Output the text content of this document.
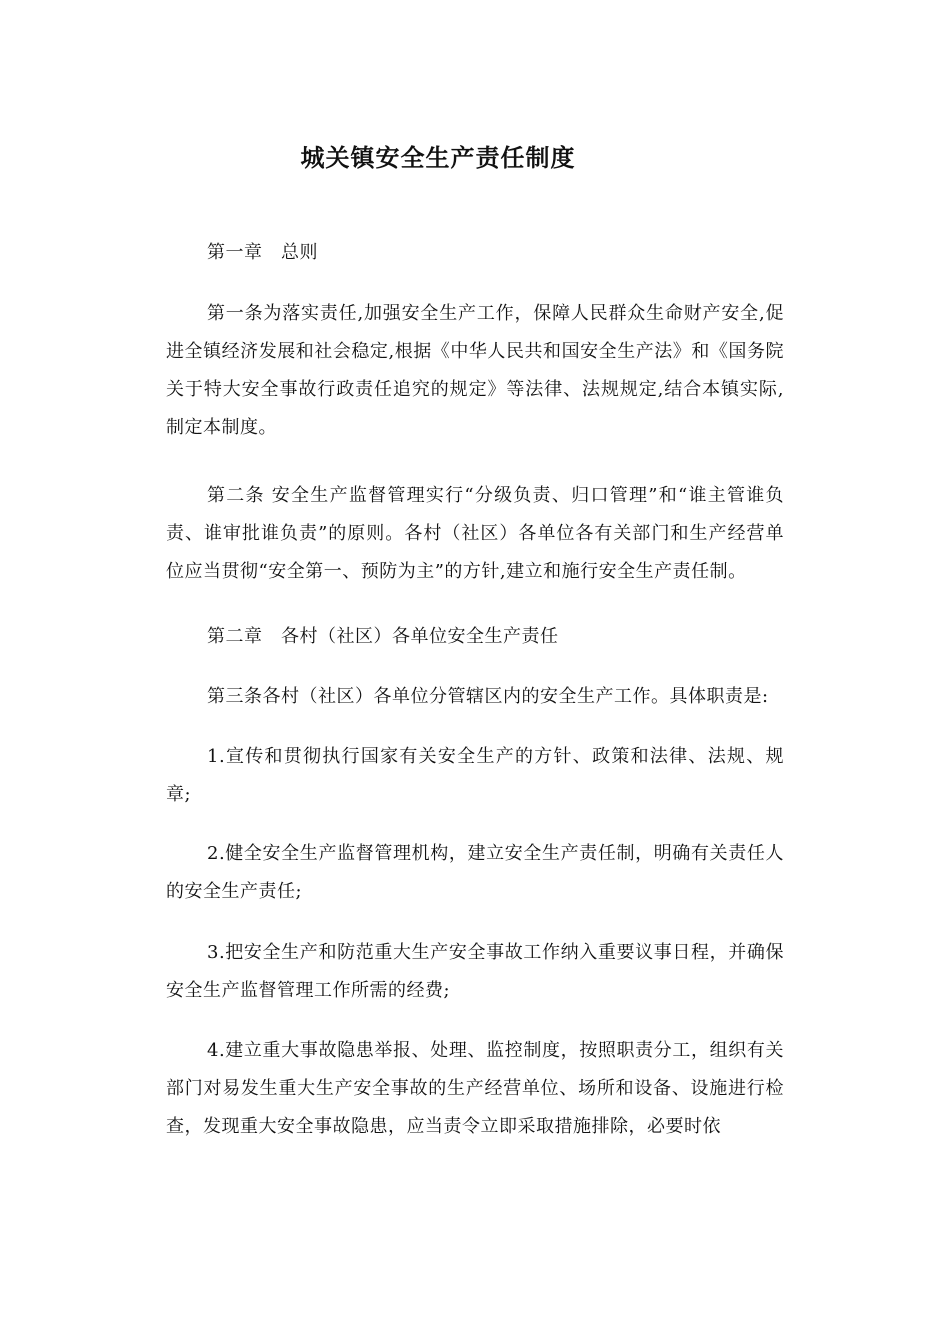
城关镇安全生产责任制度

第一章　总则

第一条为落实责任,加强安全生产工作，保障人民群众生命财产安全,促进全镇经济发展和社会稳定,根据《中华人民共和国安全生产法》和《国务院关于特大安全事故行政责任追究的规定》等法律、法规规定,结合本镇实际,制定本制度。

第二条 安全生产监督管理实行“分级负责、归口管理”和“谁主管谁负责、谁审批谁负责”的原则。各村（社区）各单位各有关部门和生产经营单位应当贯彻“安全第一、预防为主”的方针,建立和施行安全生产责任制。

第二章　各村（社区）各单位安全生产责任

第三条各村（社区）各单位分管辖区内的安全生产工作。具体职责是:

1.宣传和贯彻执行国家有关安全生产的方针、政策和法律、法规、规章;

2.健全安全生产监督管理机构，建立安全生产责任制，明确有关责任人的安全生产责任;

3.把安全生产和防范重大生产安全事故工作纳入重要议事日程，并确保安全生产监督管理工作所需的经费;

4.建立重大事故隐患举报、处理、监控制度，按照职责分工，组织有关部门对易发生重大生产安全事故的生产经营单位、场所和设备、设施进行检查，发现重大安全事故隐患，应当责令立即采取措施排除，必要时依
